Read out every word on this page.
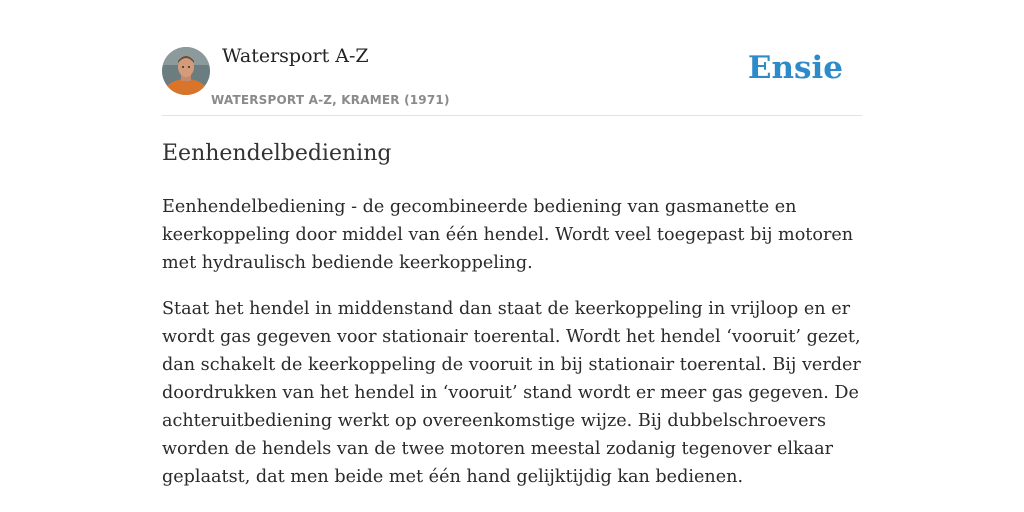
Watersport A-Z
WATERSPORT A-Z, KRAMER (1971)
Ensie
Eenhendelbediening

Eenhendelbediening - de gecombineerde bediening van gasmanette en keerkoppeling door middel van één hendel. Wordt veel toegepast bij motoren met hydraulisch bediende keerkoppeling.

Staat het hendel in middenstand dan staat de keerkoppeling in vrijloop en er wordt gas gegeven voor stationair toerental. Wordt het hendel ‘vooruit’ gezet, dan schakelt de keerkoppeling de vooruit in bij stationair toerental. Bij verder doordrukken van het hendel in ‘vooruit’ stand wordt er meer gas gegeven. De achteruitbediening werkt op overeenkomstige wijze. Bij dubbelschroevers worden de hendels van de twee motoren meestal zodanig tegenover elkaar geplaatst, dat men beide met één hand gelijktijdig kan bedienen.
